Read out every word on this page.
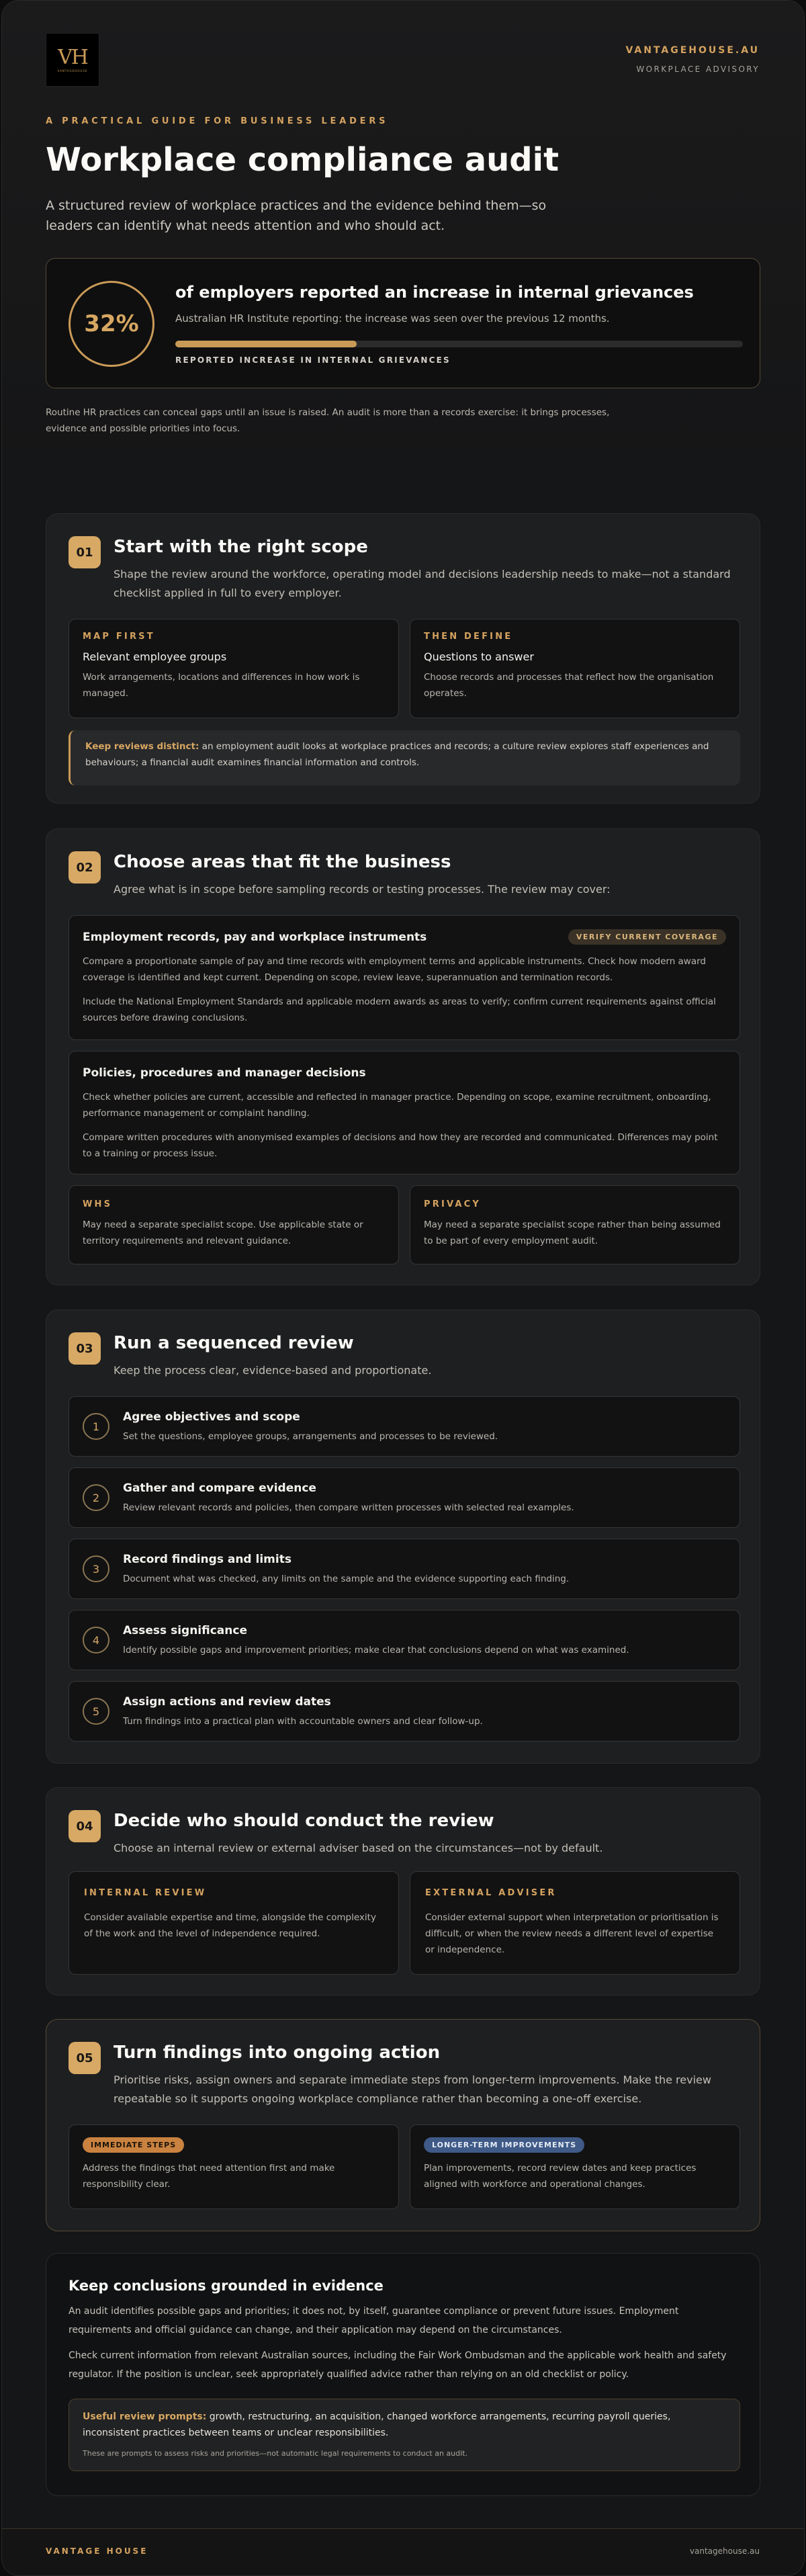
VH
VANTAGEHOUSE
VANTAGEHOUSE.AU
WORKPLACE ADVISORY
A PRACTICAL GUIDE FOR BUSINESS LEADERS
Workplace compliance audit

A structured review of workplace practices and the evidence behind them—so leaders can identify what needs attention and who should act.

32%
of employers reported an increase in internal grievances
Australian HR Institute reporting: the increase was seen over the previous 12 months.
REPORTED INCREASE IN INTERNAL GRIEVANCES

Routine HR practices can conceal gaps until an issue is raised. An audit is more than a records exercise: it brings processes, evidence and possible priorities into focus.

01	Start with the right scope
Shape the review around the workforce, operating model and decisions leadership needs to make—not a standard checklist applied in full to every employer.
MAP FIRST
Relevant employee groups
Work arrangements, locations and differences in how work is managed.
THEN DEFINE
Questions to answer
Choose records and processes that reflect how the organisation operates.
Keep reviews distinct: an employment audit looks at workplace practices and records; a culture review explores staff experiences and behaviours; a financial audit examines financial information and controls.
02	Choose areas that fit the business
Agree what is in scope before sampling records or testing processes. The review may cover:
Employment records, pay and workplace instruments	VERIFY CURRENT COVERAGE
Compare a proportionate sample of pay and time records with employment terms and applicable instruments. Check how modern award coverage is identified and kept current. Depending on scope, review leave, superannuation and termination records.
Include the National Employment Standards and applicable modern awards as areas to verify; confirm current requirements against official sources before drawing conclusions.
Policies, procedures and manager decisions
Check whether policies are current, accessible and reflected in manager practice. Depending on scope, examine recruitment, onboarding, performance management or complaint handling.
Compare written procedures with anonymised examples of decisions and how they are recorded and communicated. Differences may point to a training or process issue.
WHS
May need a separate specialist scope. Use applicable state or territory requirements and relevant guidance.
PRIVACY
May need a separate specialist scope rather than being assumed to be part of every employment audit.
03	Run a sequenced review
Keep the process clear, evidence-based and proportionate.
1
Agree objectives and scope
Set the questions, employee groups, arrangements and processes to be reviewed.
2
Gather and compare evidence
Review relevant records and policies, then compare written processes with selected real examples.
3
Record findings and limits
Document what was checked, any limits on the sample and the evidence supporting each finding.
4
Assess significance
Identify possible gaps and improvement priorities; make clear that conclusions depend on what was examined.
5
Assign actions and review dates
Turn findings into a practical plan with accountable owners and clear follow-up.
04	Decide who should conduct the review
Choose an internal review or external adviser based on the circumstances—not by default.
INTERNAL REVIEW
Consider available expertise and time, alongside the complexity of the work and the level of independence required.
EXTERNAL ADVISER
Consider external support when interpretation or prioritisation is difficult, or when the review needs a different level of expertise or independence.
05	Turn findings into ongoing action
Prioritise risks, assign owners and separate immediate steps from longer-term improvements. Make the review repeatable so it supports ongoing workplace compliance rather than becoming a one-off exercise.
IMMEDIATE STEPS
Address the findings that need attention first and make responsibility clear.
LONGER-TERM IMPROVEMENTS
Plan improvements, record review dates and keep practices aligned with workforce and operational changes.
Keep conclusions grounded in evidence
An audit identifies possible gaps and priorities; it does not, by itself, guarantee compliance or prevent future issues. Employment requirements and official guidance can change, and their application may depend on the circumstances.
Check current information from relevant Australian sources, including the Fair Work Ombudsman and the applicable work health and safety regulator. If the position is unclear, seek appropriately qualified advice rather than relying on an old checklist or policy.
Useful review prompts: growth, restructuring, an acquisition, changed workforce arrangements, recurring payroll queries, inconsistent practices between teams or unclear responsibilities.
These are prompts to assess risks and priorities—not automatic legal requirements to conduct an audit.
VANTAGE HOUSE	vantagehouse.au
